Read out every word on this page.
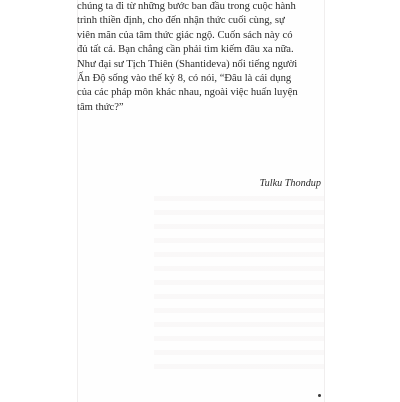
chúng ta đi từ những bước ban đầu trong cuộc hành
trình thiền định, cho đến nhận thức cuối cùng, sự
viên mãn của tâm thức giác ngộ. Cuốn sách này có
đủ tất cả. Bạn chẳng cần phải tìm kiếm đâu xa nữa.
Như đại sư Tịch Thiên (Shantideva) nổi tiếng người
Ấn Độ sống vào thế kỷ 8, có nói, “Đâu là cái dụng
của các pháp môn khác nhau, ngoài việc huấn luyện
tâm thức?”

Tulku Thondup
